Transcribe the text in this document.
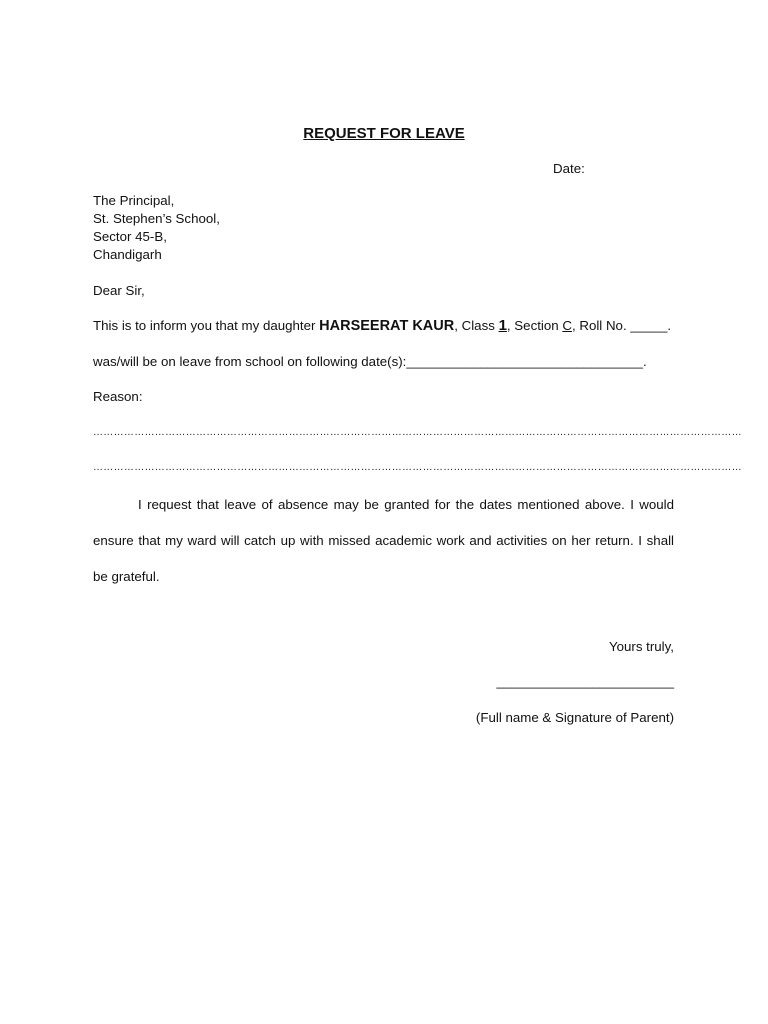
REQUEST FOR LEAVE
Date:
The Principal,
St. Stephen’s School,
Sector 45-B,
Chandigarh
Dear Sir,
This is to inform you that my daughter HARSEERAT KAUR, Class 1, Section C, Roll No. _____.
was/will be on leave from school on following date(s):________________________________.
Reason:
………………………………………………………………………………………………………………………………………………………………………
………………………………………………………………………………………………………………………………………………………………………

I request that leave of absence may be granted for the dates mentioned above. I would ensure that my ward will catch up with missed academic work and activities on her return. I shall be grateful.

Yours truly,
________________________
(Full name & Signature of Parent)
